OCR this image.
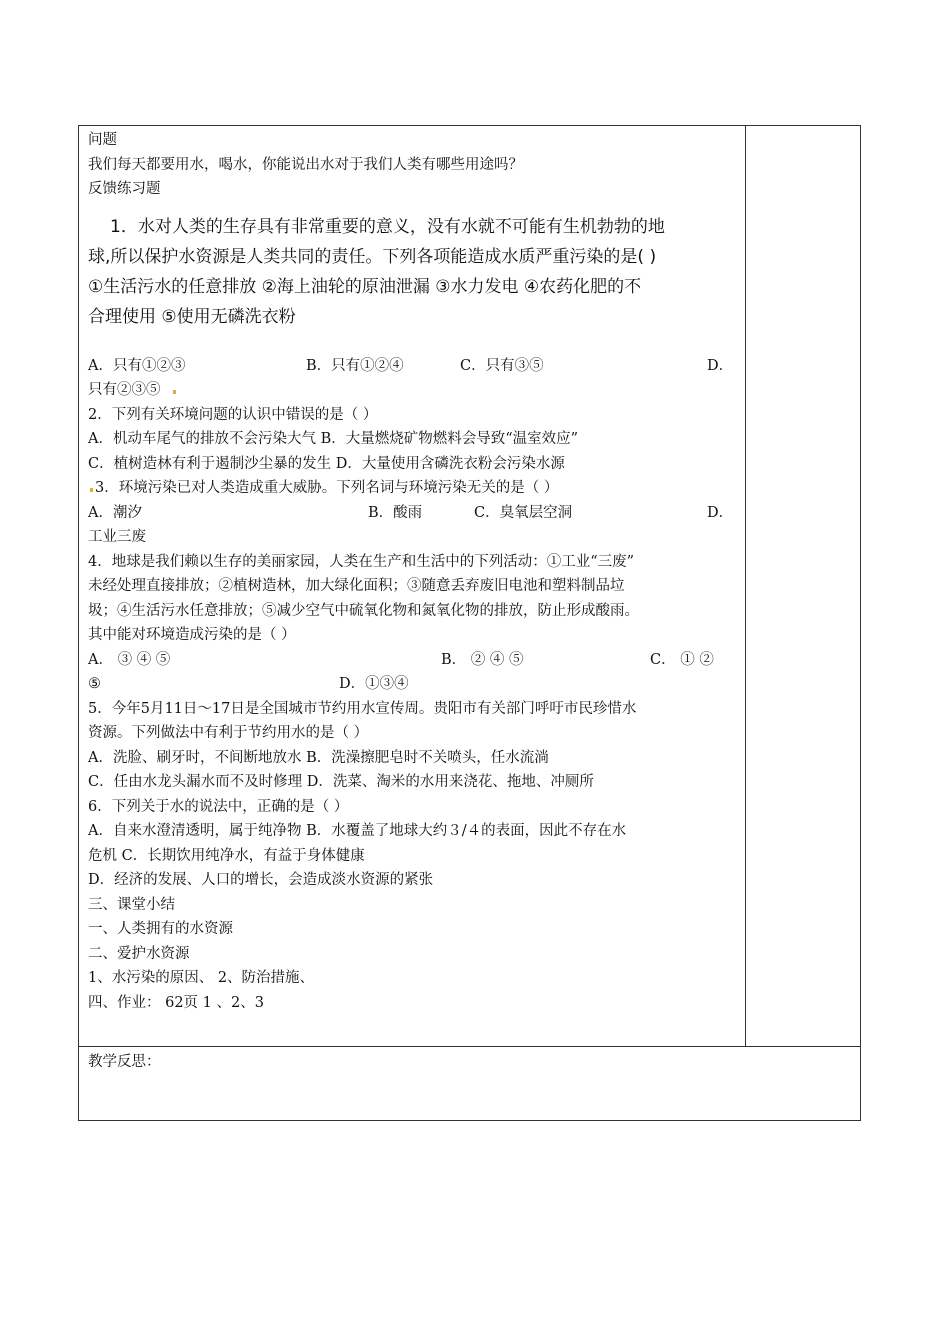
问题
我们每天都要用水，喝水，你能说出水对于我们人类有哪些用途吗？
反馈练习题
1．水对人类的生存具有非常重要的意义，没有水就不可能有生机勃勃的地
球,所以保护水资源是人类共同的责任。下列各项能造成水质严重污染的是( )
①生活污水的任意排放 ②海上油轮的原油泄漏 ③水力发电 ④农药化肥的不
合理使用 ⑤使用无磷洗衣粉
A．只有①②③	B．只有①②④	C．只有③⑤	D．
只有②③⑤
2．下列有关环境问题的认识中错误的是（ ）
A．机动车尾气的排放不会污染大气 B．大量燃烧矿物燃料会导致“温室效应”
C．植树造林有利于遏制沙尘暴的发生 D．大量使用含磷洗衣粉会污染水源
3．环境污染已对人类造成重大威胁。下列名词与环境污染无关的是（ ）
A．潮汐	B．酸雨	C．臭氧层空洞	D．
工业三废
4．地球是我们赖以生存的美丽家园，人类在生产和生活中的下列活动：①工业“三废”
未经处理直接排放；②植树造林，加大绿化面积；③随意丢弃废旧电池和塑料制品垃
圾；④生活污水任意排放；⑤减少空气中硫氧化物和氮氧化物的排放，防止形成酸雨。
其中能对环境造成污染的是（ ）
A． ③ ④ ⑤	B． ② ④ ⑤	C． ① ②
⑤	D．①③④
5．今年5月11日～17日是全国城市节约用水宣传周。贵阳市有关部门呼吁市民珍惜水
资源。下列做法中有利于节约用水的是（ ）
A．洗脸、刷牙时，不间断地放水 B．洗澡擦肥皂时不关喷头，任水流淌
C．任由水龙头漏水而不及时修理 D．洗菜、淘米的水用来浇花、拖地、冲厕所
6．下列关于水的说法中，正确的是（ ）
A．自来水澄清透明，属于纯净物 B．水覆盖了地球大约３/４的表面，因此不存在水
危机 C．长期饮用纯净水，有益于身体健康
D．经济的发展、人口的增长，会造成淡水资源的紧张
三、课堂小结
一、人类拥有的水资源
二、爱护水资源
1、水污染的原因、 2、防治措施、
四、作业： 62页 1 、2、3
教学反思：
